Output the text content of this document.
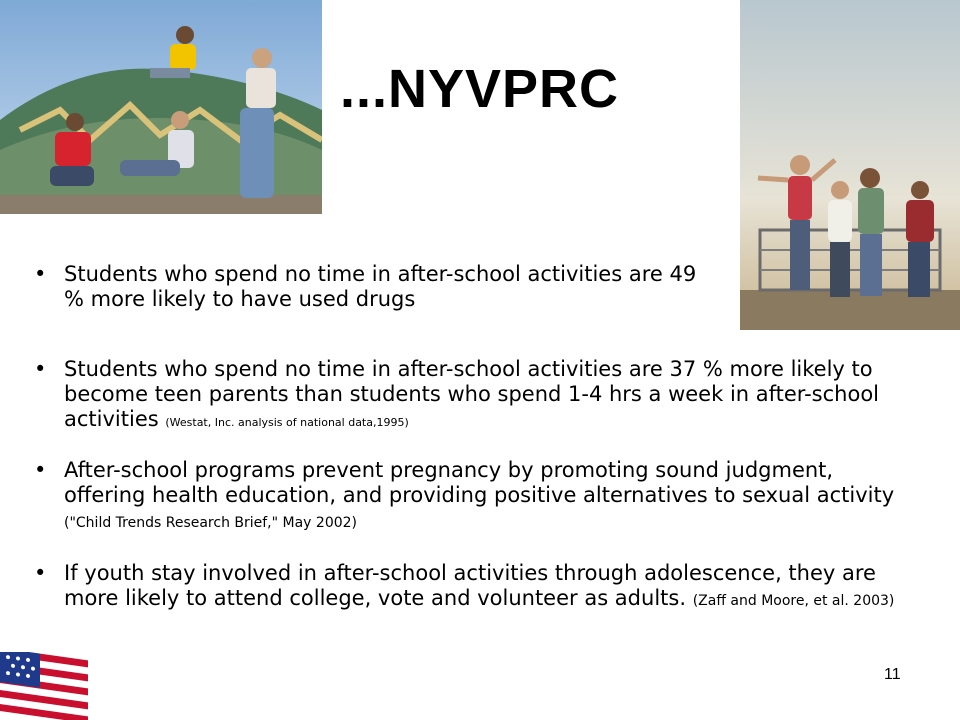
...NYVPRC
• Students who spend no time in after-school activities are 49 % more likely to have used drugs
• Students who spend no time in after-school activities are 37 % more likely to become teen parents than students who spend 1-4 hrs a week in after-school activities (Westat, Inc. analysis of national data,1995)
• After-school programs prevent pregnancy by promoting sound judgment, offering health education, and providing positive alternatives to sexual activity ("Child Trends Research Brief," May 2002)
• If youth stay involved in after-school activities through adolescence, they are more likely to attend college, vote and volunteer as adults. (Zaff and Moore, et al. 2003)
11
